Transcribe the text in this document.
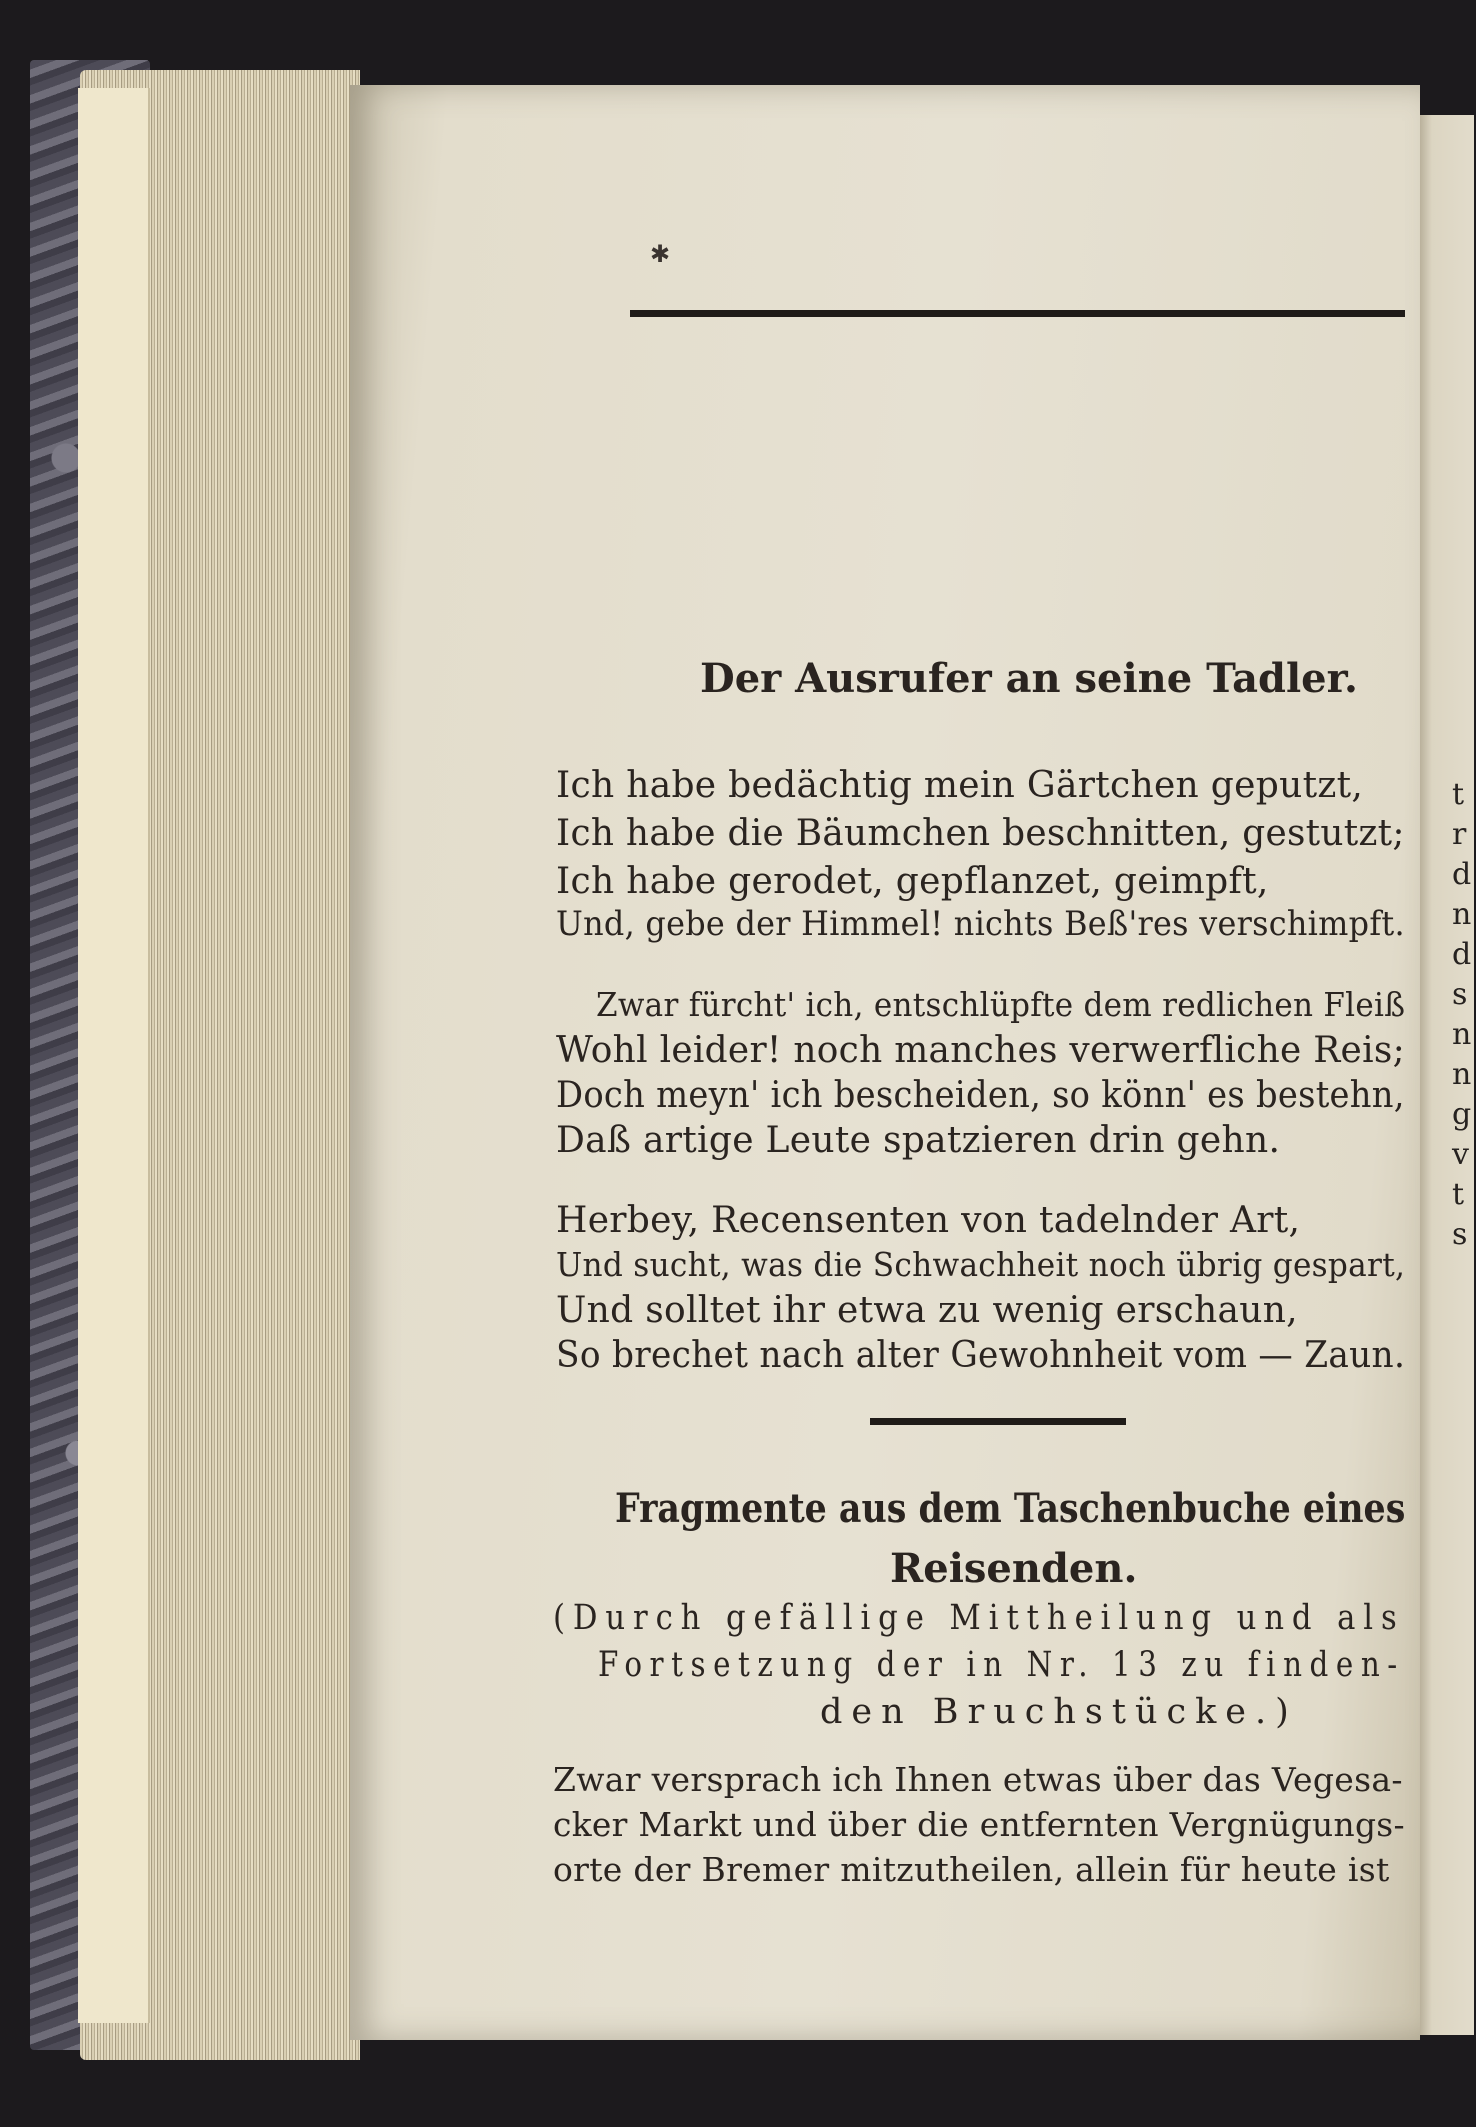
t
r
d
n
d
s
n
n
g
v
t
s
✱
Der Ausrufer an seine Tadler.
Ich habe bedächtig mein Gärtchen geputzt,
Ich habe die Bäumchen beschnitten, gestutzt;
Ich habe gerodet, gepflanzet, geimpft,
Und, gebe der Himmel! nichts Beß'res verschimpft.
Zwar fürcht' ich, entschlüpfte dem redlichen Fleiß
Wohl leider! noch manches verwerfliche Reis;
Doch meyn' ich bescheiden, so könn' es bestehn,
Daß artige Leute spatzieren drin gehn.
Herbey, Recensenten von tadelnder Art,
Und sucht, was die Schwachheit noch übrig gespart,
Und solltet ihr etwa zu wenig erschaun,
So brechet nach alter Gewohnheit vom — Zaun.
Fragmente aus dem Taschenbuche eines
Reisenden.
(Durch gefällige Mittheilung und als
Fortsetzung der in Nr. 13 zu finden-
den Bruchstücke.)
Zwar versprach ich Ihnen etwas über das Vegesa-
cker Markt und über die entfernten Vergnügungs-
orte der Bremer mitzutheilen, allein für heute ist
